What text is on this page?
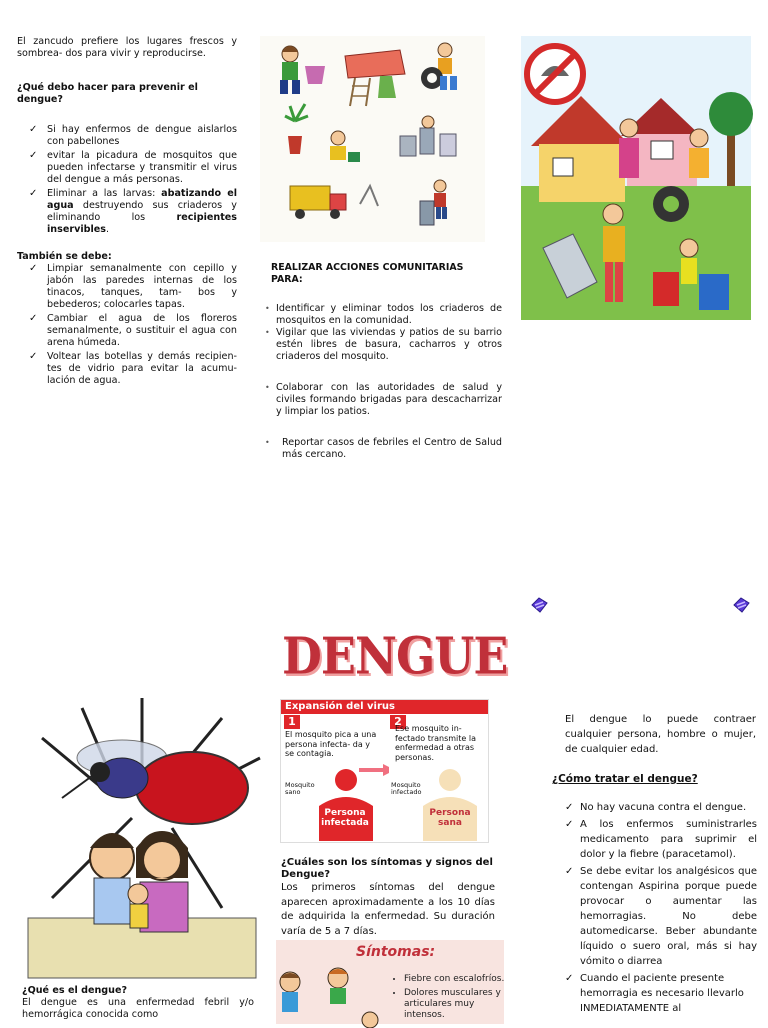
El zancudo prefiere los lugares frescos y sombrea- dos para vivir y reproducirse.
¿Qué debo hacer para prevenir el dengue?
✓ Si hay enfermos de dengue aislarlos con pabellones
✓ evitar la picadura de mosquitos que pueden infectarse y transmitir el virus del dengue a más personas.
✓ Eliminar a las larvas: abatizando el agua destruyendo sus criaderos y eliminando los recipientes inservibles.
También se debe:
✓ Limpiar semanalmente con cepillo y jabón las paredes internas de los tinacos, tanques, tam- bos y bebederos; colocarles tapas.
✓ Cambiar el agua de los floreros semanalmente, o sustituir el agua con arena húmeda.
✓ Voltear las botellas y demás recipien- tes de vidrio para evitar la acumu- lación de agua.
REALIZAR ACCIONES COMUNITARIAS PARA:
• Identificar y eliminar todos los criaderos de mosquitos en la comunidad.
• Vigilar que las viviendas y patios de su barrio estén libres de basura, cacharros y otros criaderos del mosquito.
• Colaborar con las autoridades de salud y civiles formando brigadas para descacharrizar y limpiar los patios.
• Reportar casos de febriles el Centro de Salud más cercano.
¿Qué es el dengue?
El dengue es una enfermedad febril y/o hemorrágica conocida como
DENGUE
Expansión del virus
1
El mosquito pica a una persona infecta- da y se contagia.
Mosquito sano
Persona infectada
2
Ese mosquito in- fectado transmite la enfermedad a otras personas.
Mosquito infectado
Persona sana
¿Cuáles son los síntomas y signos del Dengue?
Los primeros síntomas del dengue aparecen aproximadamente a los 10 días de adquirida la enfermedad. Su duración varía de 5 a 7 días.
Síntomas:
• Fiebre con escalofríos.
• Dolores musculares y articulares muy intensos.
El dengue lo puede contraer cualquier persona, hombre o mujer, de cualquier edad.
¿Cómo tratar el dengue?
✓ No hay vacuna contra el dengue.
✓ A los enfermos suministrarles medicamento para suprimir el dolor y la fiebre (paracetamol).
✓ Se debe evitar los analgésicos que contengan Aspirina porque puede provocar o aumentar las hemorragias. No debe automedicarse. Beber abundante líquido o suero oral, más si hay vómito o diarrea
✓ Cuando el paciente presente hemorragia es necesario llevarlo INMEDIATAMENTE al
